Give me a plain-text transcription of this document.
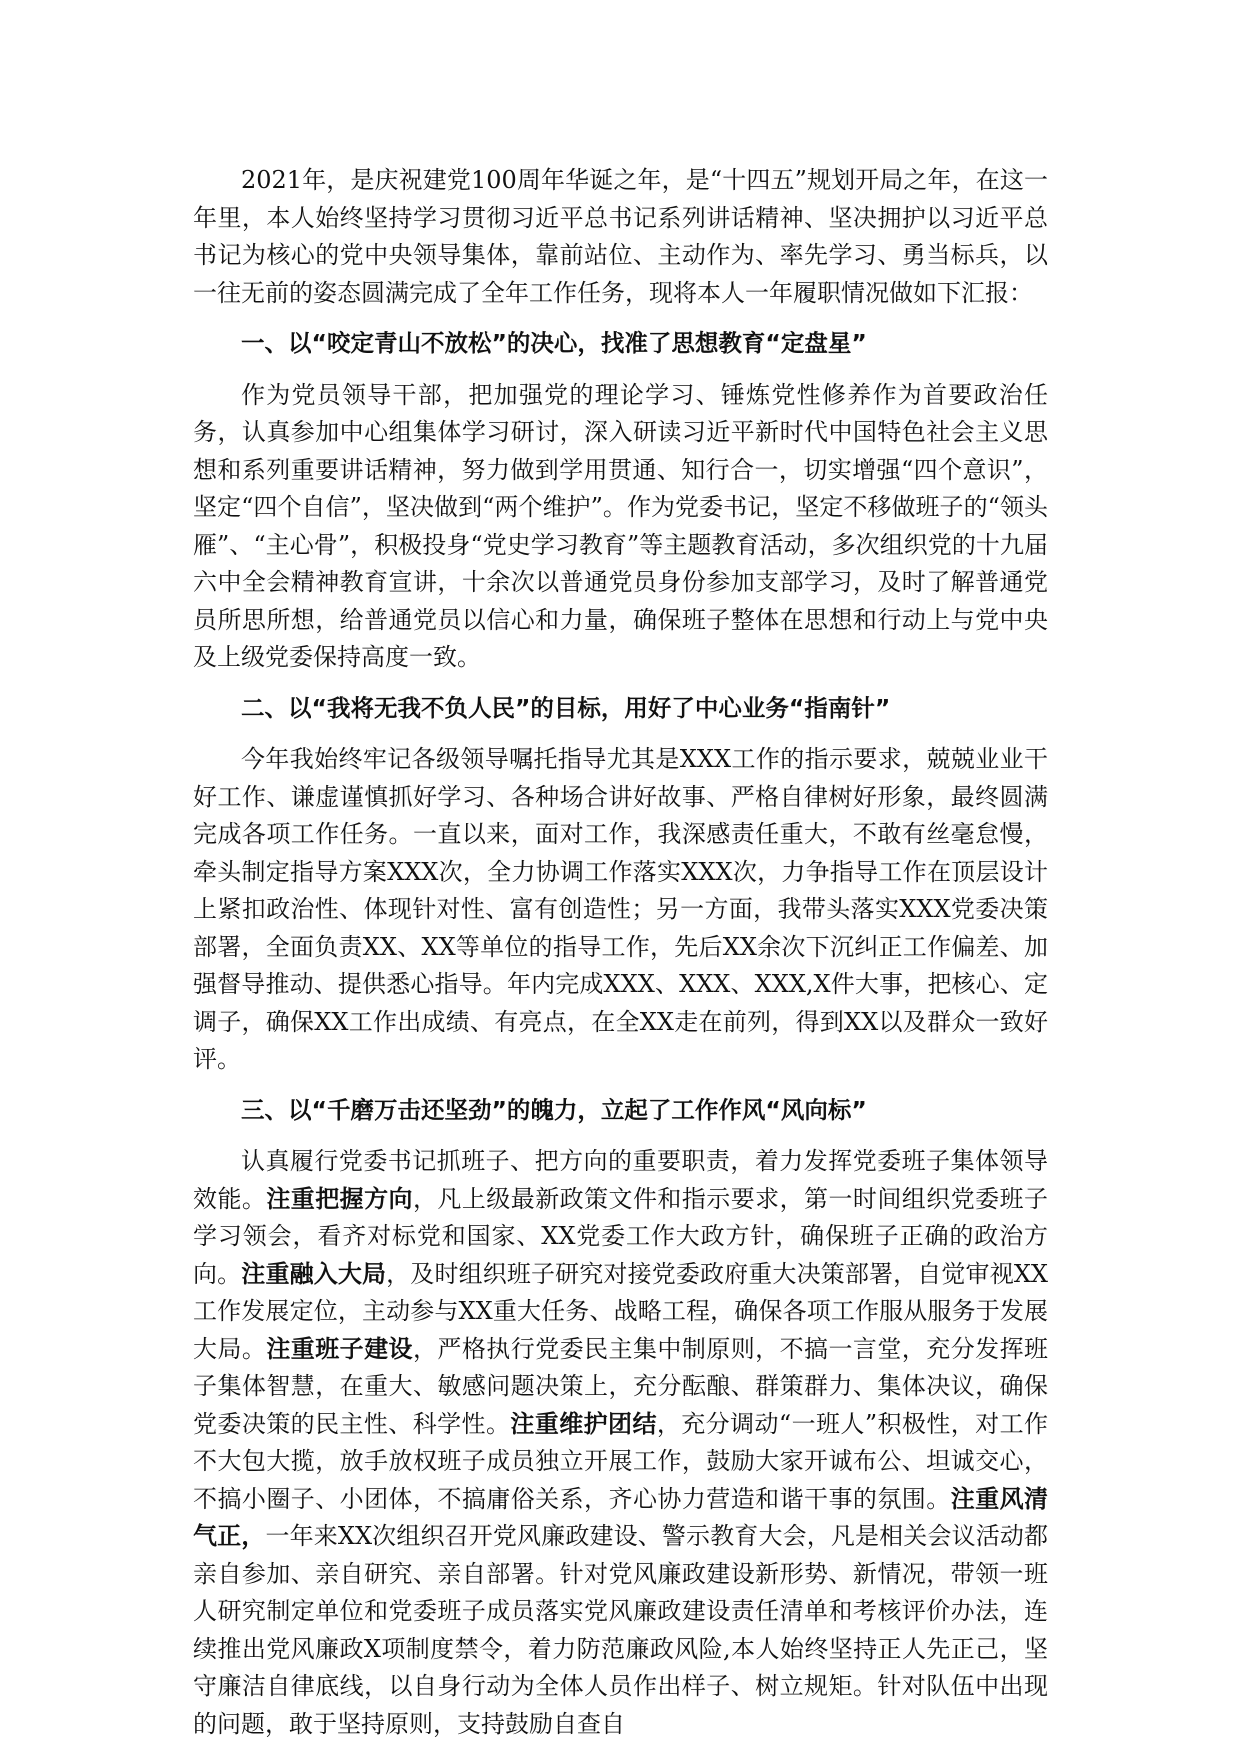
2021年，是庆祝建党100周年华诞之年，是“十四五”规划开局之年，在这一年里，本人始终坚持学习贯彻习近平总书记系列讲话精神、坚决拥护以习近平总书记为核心的党中央领导集体，靠前站位、主动作为、率先学习、勇当标兵，以一往无前的姿态圆满完成了全年工作任务，现将本人一年履职情况做如下汇报：

一、以“咬定青山不放松”的决心，找准了思想教育“定盘星”

作为党员领导干部，把加强党的理论学习、锤炼党性修养作为首要政治任务，认真参加中心组集体学习研讨，深入研读习近平新时代中国特色社会主义思想和系列重要讲话精神，努力做到学用贯通、知行合一，切实增强“四个意识”，坚定“四个自信”，坚决做到“两个维护”。作为党委书记，坚定不移做班子的“领头雁”、“主心骨”，积极投身“党史学习教育”等主题教育活动，多次组织党的十九届六中全会精神教育宣讲，十余次以普通党员身份参加支部学习，及时了解普通党员所思所想，给普通党员以信心和力量，确保班子整体在思想和行动上与党中央及上级党委保持高度一致。

二、以“我将无我不负人民”的目标，用好了中心业务“指南针”

今年我始终牢记各级领导嘱托指导尤其是XXX工作的指示要求，兢兢业业干好工作、谦虚谨慎抓好学习、各种场合讲好故事、严格自律树好形象，最终圆满完成各项工作任务。一直以来，面对工作，我深感责任重大，不敢有丝毫怠慢，牵头制定指导方案XXX次，全力协调工作落实XXX次，力争指导工作在顶层设计上紧扣政治性、体现针对性、富有创造性；另一方面，我带头落实XXX党委决策部署，全面负责XX、XX等单位的指导工作，先后XX余次下沉纠正工作偏差、加强督导推动、提供悉心指导。年内完成XXX、XXX、XXX,X件大事，把核心、定调子，确保XX工作出成绩、有亮点，在全XX走在前列，得到XX以及群众一致好评。

三、以“千磨万击还坚劲”的魄力，立起了工作作风“风向标”

认真履行党委书记抓班子、把方向的重要职责，着力发挥党委班子集体领导效能。注重把握方向，凡上级最新政策文件和指示要求，第一时间组织党委班子学习领会，看齐对标党和国家、XX党委工作大政方针，确保班子正确的政治方向。注重融入大局，及时组织班子研究对接党委政府重大决策部署，自觉审视XX工作发展定位，主动参与XX重大任务、战略工程，确保各项工作服从服务于发展大局。注重班子建设，严格执行党委民主集中制原则，不搞一言堂，充分发挥班子集体智慧，在重大、敏感问题决策上，充分酝酿、群策群力、集体决议，确保党委决策的民主性、科学性。注重维护团结，充分调动“一班人”积极性，对工作不大包大揽，放手放权班子成员独立开展工作，鼓励大家开诚布公、坦诚交心，不搞小圈子、小团体，不搞庸俗关系，齐心协力营造和谐干事的氛围。注重风清气正，一年来XX次组织召开党风廉政建设、警示教育大会，凡是相关会议活动都亲自参加、亲自研究、亲自部署。针对党风廉政建设新形势、新情况，带领一班人研究制定单位和党委班子成员落实党风廉政建设责任清单和考核评价办法，连续推出党风廉政X项制度禁令，着力防范廉政风险,本人始终坚持正人先正己，坚守廉洁自律底线，以自身行动为全体人员作出样子、树立规矩。针对队伍中出现的问题，敢于坚持原则，支持鼓励自查自
